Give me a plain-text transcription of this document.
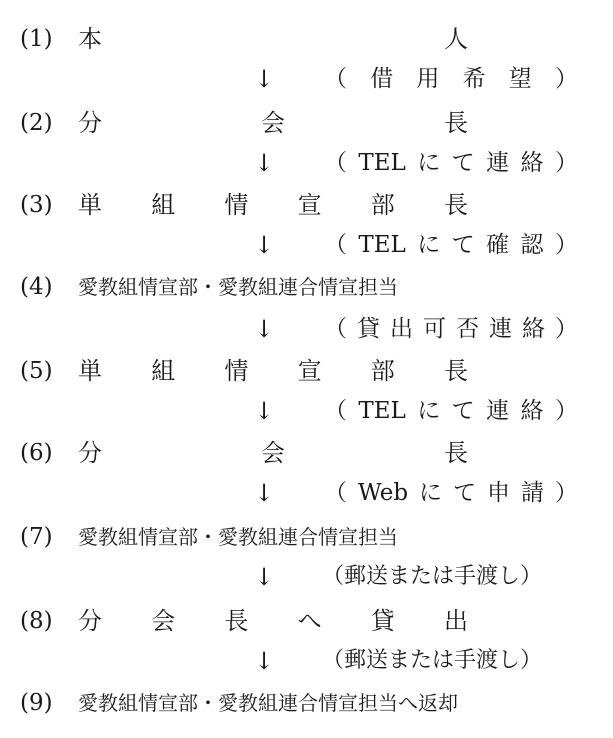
(1) 本	人
(2) 分	会	長
(3) 単 組 情 宣 部 長
(4) 愛教組情宣部・愛教組連合情宣担当
(5) 単 組 情 宣 部 長
(6) 分	会	長
(7) 愛教組情宣部・愛教組連合情宣担当
(8) 分 会 長 へ 貸 出
(9) 愛教組情宣部・愛教組連合情宣担当へ返却
↓ （ 借 用 希 望 ）
↓ （ TEL に て 連 絡 ）
↓ （ TEL に て 確 認 ）
↓ （ 貸 出 可 否 連 絡 ）
↓ （ TEL に て 連 絡 ）
↓ （ Web に て 申 請 ）
↓ （郵送または手渡し）
↓ （郵送または手渡し）
